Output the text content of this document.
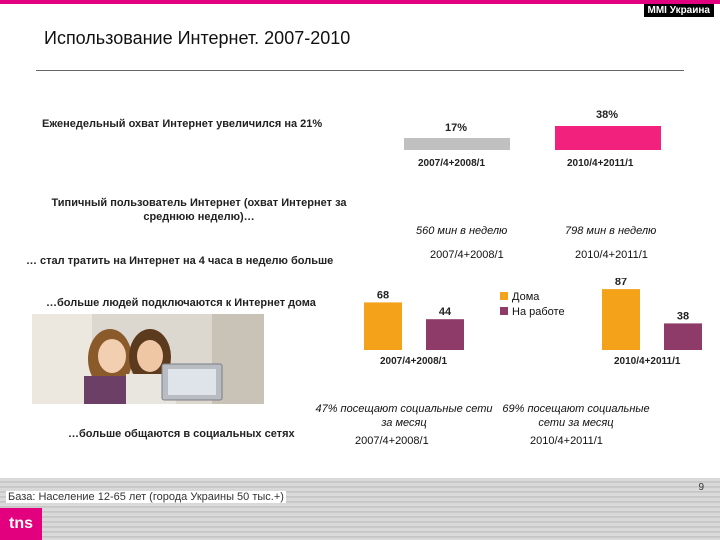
MMI Украина
Использование Интернет. 2007-2010
Еженедельный охват Интернет увеличился на 21%	17%
38%
2007/4+2008/1	2010/4+2011/1
Типичный пользователь Интернет (охват Интернет за среднюю неделю)…
560 мин в неделю	798 мин в неделю
2007/4+2008/1	2010/4+2011/1
… стал тратить на Интернет на 4 часа в неделю больше
…больше людей подключаются к Интернет дома	Дома
На работе
68
87
44	38
2007/4+2008/1	2010/4+2011/1
…больше общаются в социальных сетях
47% посещают социальные сети за месяц
69% посещают социальные сети за месяц
2007/4+2008/1	2010/4+2011/1
База: Население 12-65 лет (города Украины 50 тыс.+)
9
tns
